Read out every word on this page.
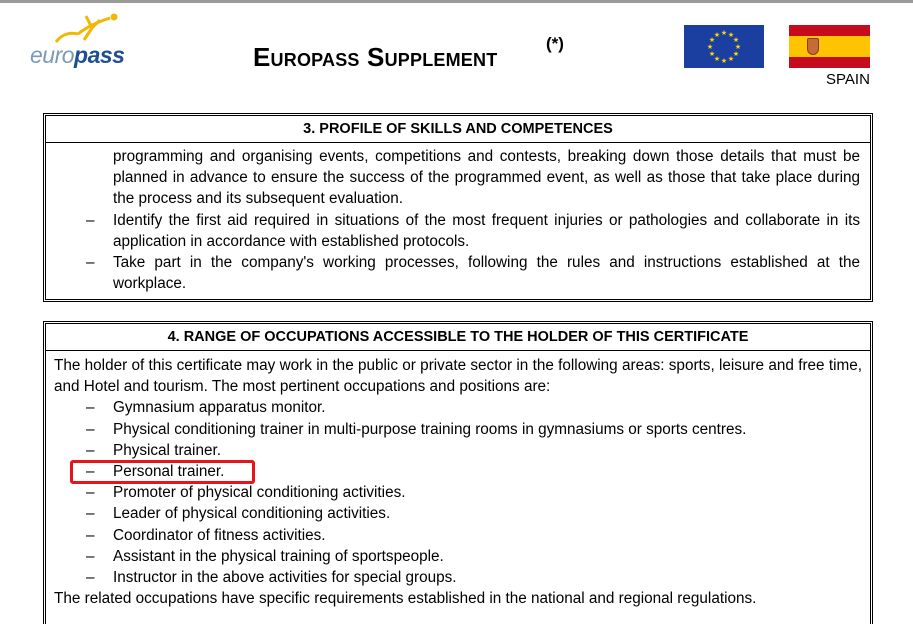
europass	Europass Supplement	(*)
★ ★
★
★
★
★
★
★
★
★
★
★
SPAIN
3. PROFILE OF SKILLS AND COMPETENCES
programming and organising events, competitions and contests, breaking down those details that must be planned in advance to ensure the success of the programmed event, as well as those that take place during the process and its subsequent evaluation.
– Identify the first aid required in situations of the most frequent injuries or pathologies and collaborate in its application in accordance with established protocols.
– Take part in the company's working processes, following the rules and instructions established at the workplace.
4. RANGE OF OCCUPATIONS ACCESSIBLE TO THE HOLDER OF THIS CERTIFICATE
The holder of this certificate may work in the public or private sector in the following areas: sports, leisure and free time, and Hotel and tourism. The most pertinent occupations and positions are:
– Gymnasium apparatus monitor.
– Physical conditioning trainer in multi-purpose training rooms in gymnasiums or sports centres.
– Physical trainer.
– Personal trainer.
– Promoter of physical conditioning activities.
– Leader of physical conditioning activities.
– Coordinator of fitness activities.
– Assistant in the physical training of sportspeople.
– Instructor in the above activities for special groups.
The related occupations have specific requirements established in the national and regional regulations.
